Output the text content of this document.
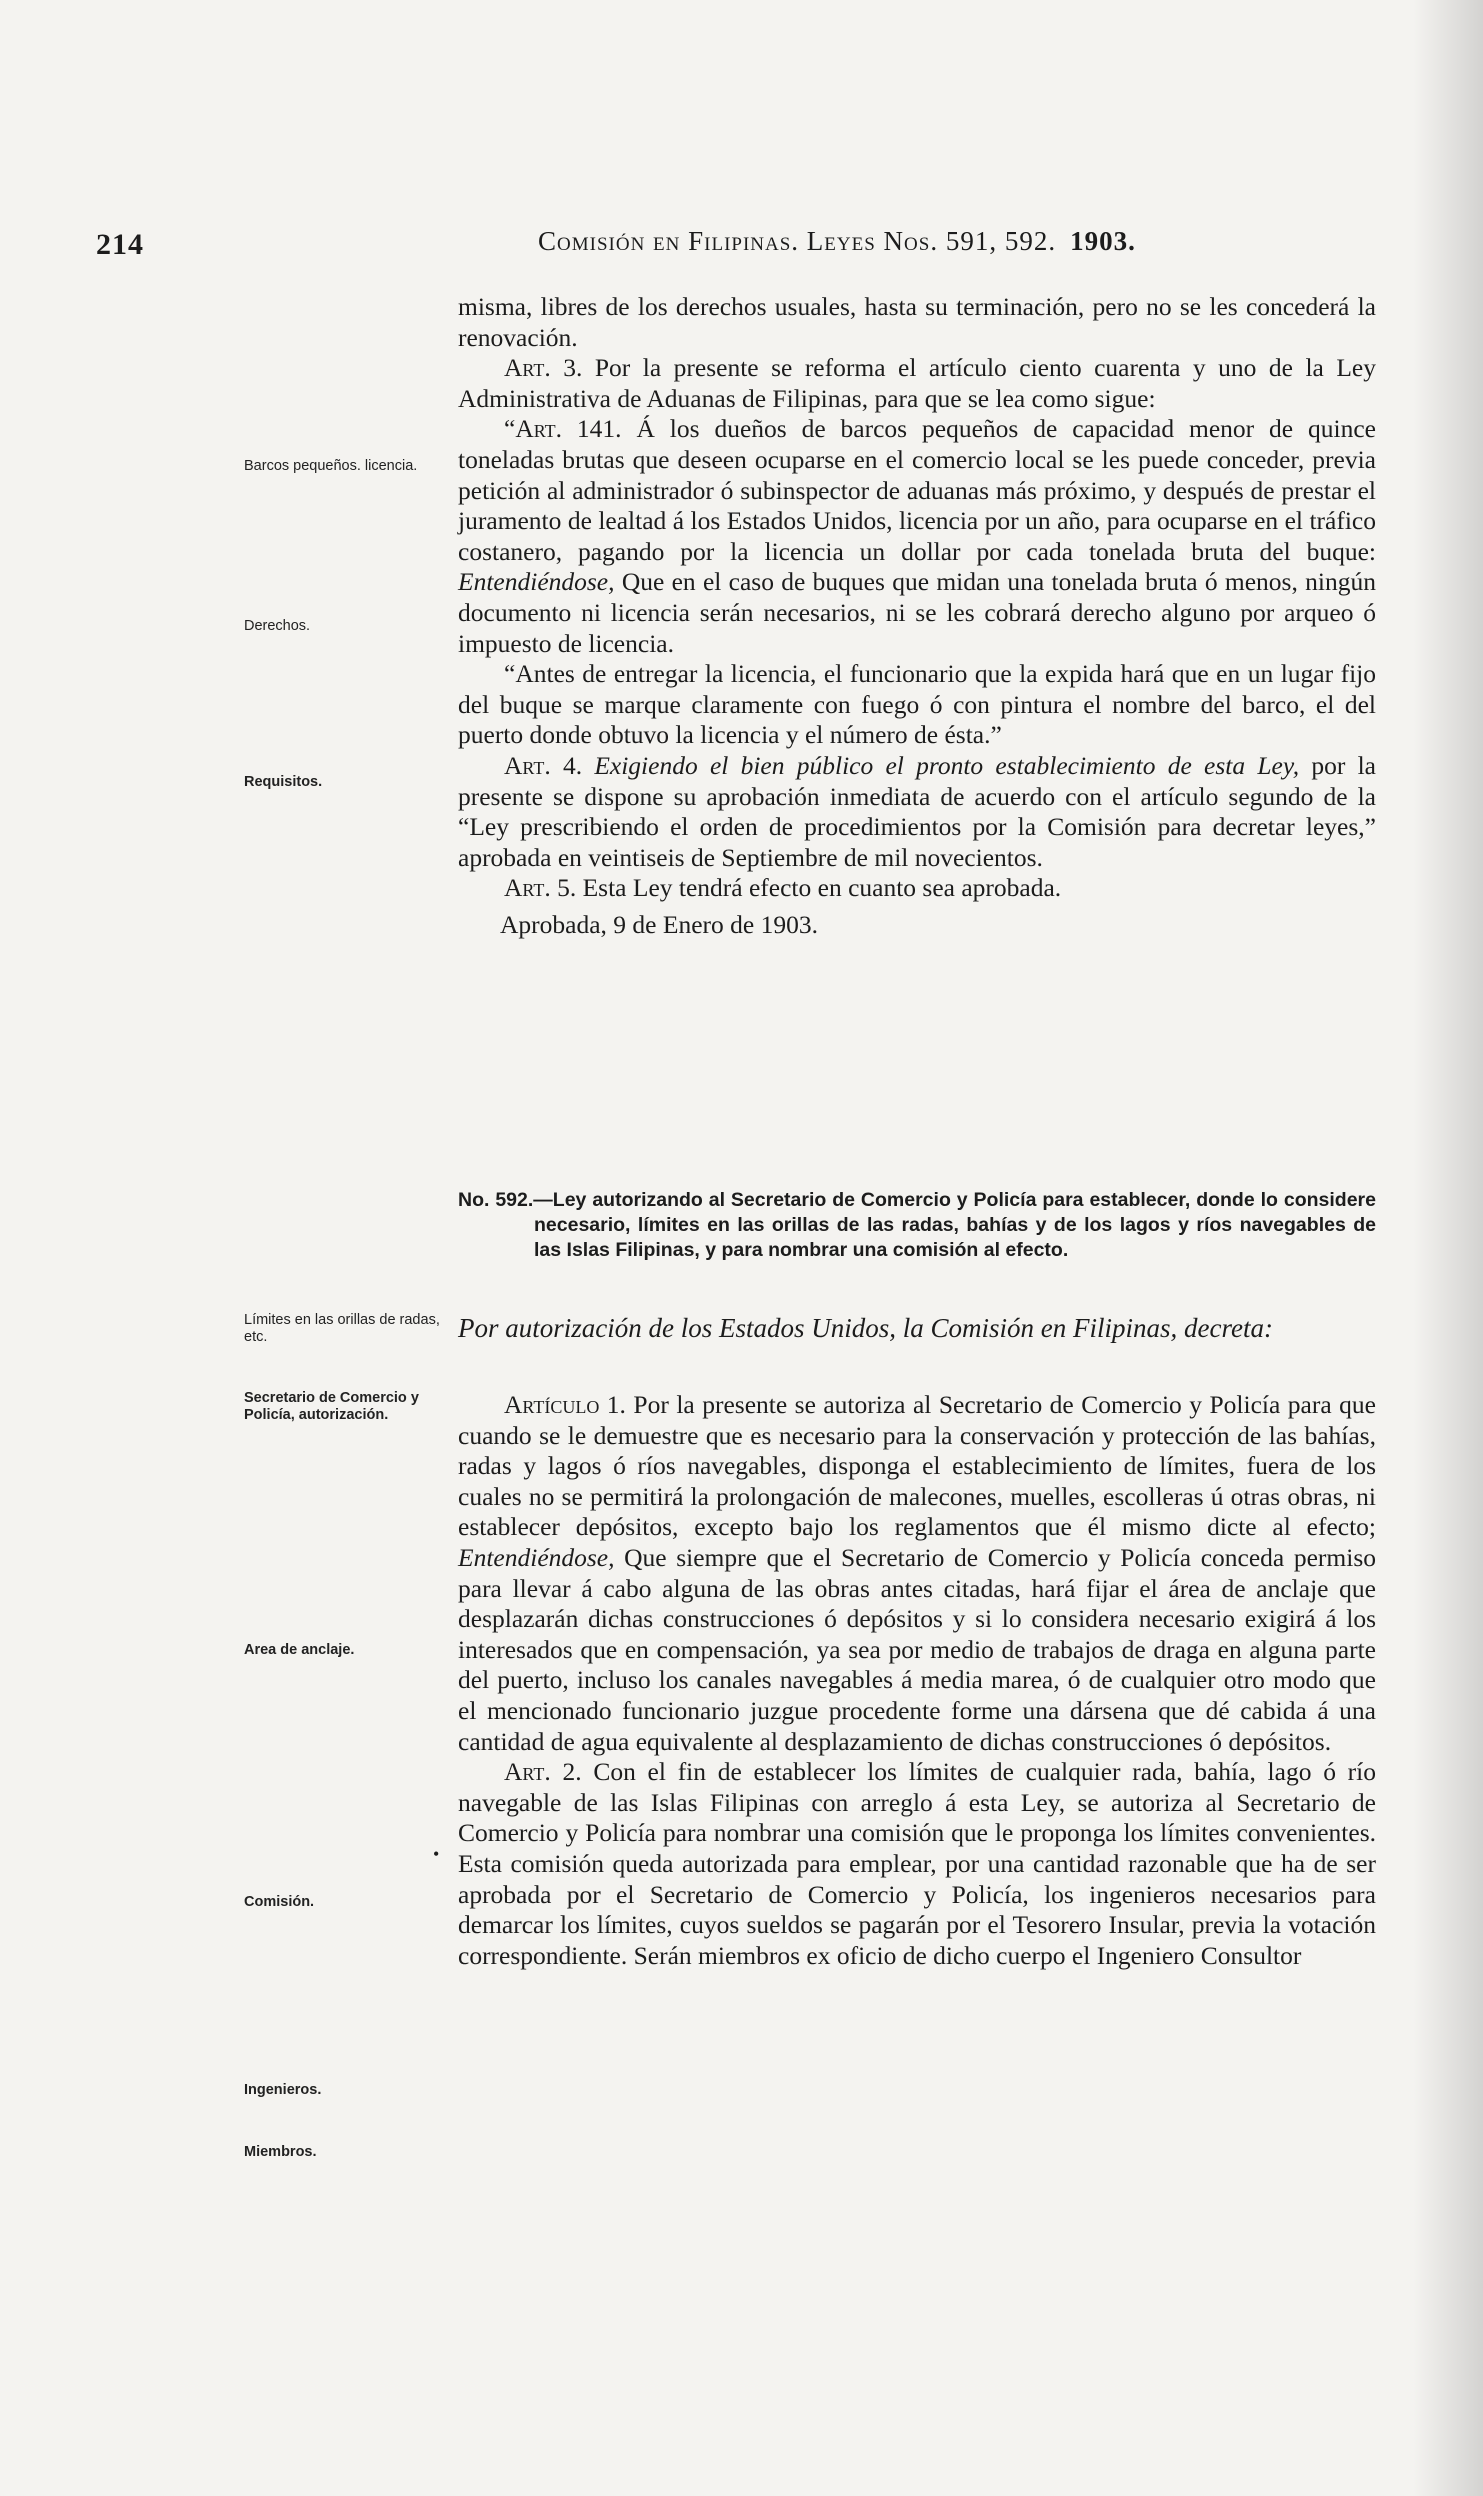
214	Comisión en Filipinas. Leyes Nos. 591, 592. 1903.

misma, libres de los derechos usuales, hasta su terminación, pero no se les concederá la renovación.

Art. 3. Por la presente se reforma el artículo ciento cuarenta y uno de la Ley Administrativa de Aduanas de Filipinas, para que se lea como sigue:

“Art. 141. Á los dueños de barcos pequeños de capacidad menor de quince toneladas brutas que deseen ocuparse en el comercio local se les puede conceder, previa petición al administrador ó subinspector de aduanas más próximo, y después de prestar el juramento de lealtad á los Estados Unidos, licencia por un año, para ocuparse en el tráfico costanero, pagando por la licencia un dollar por cada tonelada bruta del buque: Entendiéndose, Que en el caso de buques que midan una tonelada bruta ó menos, ningún documento ni licencia serán necesarios, ni se les cobrará derecho alguno por arqueo ó impuesto de licencia.

“Antes de entregar la licencia, el funcionario que la expida hará que en un lugar fijo del buque se marque claramente con fuego ó con pintura el nombre del barco, el del puerto donde obtuvo la licencia y el número de ésta.”

Art. 4. Exigiendo el bien público el pronto establecimiento de esta Ley, por la presente se dispone su aprobación inmediata de acuerdo con el artículo segundo de la “Ley prescribiendo el orden de procedimientos por la Comisión para decretar leyes,” aprobada en veintiseis de Septiembre de mil novecientos.

Art. 5. Esta Ley tendrá efecto en cuanto sea aprobada.

Aprobada, 9 de Enero de 1903.

No. 592.—Ley autorizando al Secretario de Comercio y Policía para establecer, donde lo considere necesario, límites en las orillas de las radas, bahías y de los lagos y ríos navegables de las Islas Filipinas, y para nombrar una comisión al efecto.
Por autorización de los Estados Unidos, la Comisión en Filipinas, decreta:

Artículo 1. Por la presente se autoriza al Secretario de Comercio y Policía para que cuando se le demuestre que es necesario para la conservación y protección de las bahías, radas y lagos ó ríos navegables, disponga el establecimiento de límites, fuera de los cuales no se permitirá la prolongación de malecones, muelles, escolleras ú otras obras, ni establecer depósitos, excepto bajo los reglamentos que él mismo dicte al efecto; Entendiéndose, Que siempre que el Secretario de Comercio y Policía conceda permiso para llevar á cabo alguna de las obras antes citadas, hará fijar el área de anclaje que desplazarán dichas construcciones ó depósitos y si lo considera necesario exigirá á los interesados que en compensación, ya sea por medio de trabajos de draga en alguna parte del puerto, incluso los canales navegables á media marea, ó de cualquier otro modo que el mencionado funcionario juzgue procedente forme una dársena que dé cabida á una cantidad de agua equivalente al desplazamiento de dichas construcciones ó depósitos.

Art. 2. Con el fin de establecer los límites de cualquier rada, bahía, lago ó río navegable de las Islas Filipinas con arreglo á esta Ley, se autoriza al Secretario de Comercio y Policía para nombrar una comisión que le proponga los límites convenientes. Esta comisión queda autorizada para emplear, por una cantidad razonable que ha de ser aprobada por el Secretario de Comercio y Policía, los ingenieros necesarios para demarcar los límites, cuyos sueldos se pagarán por el Tesorero Insular, previa la votación correspondiente. Serán miembros ex oficio de dicho cuerpo el Ingeniero Consultor

•
Barcos pequeños. licencia.
Derechos.
Requisitos.
Límites en las orillas de radas, etc.
Secretario de Comercio y Policía, autorización.
Area de anclaje.
Comisión.
Ingenieros.
Miembros.
